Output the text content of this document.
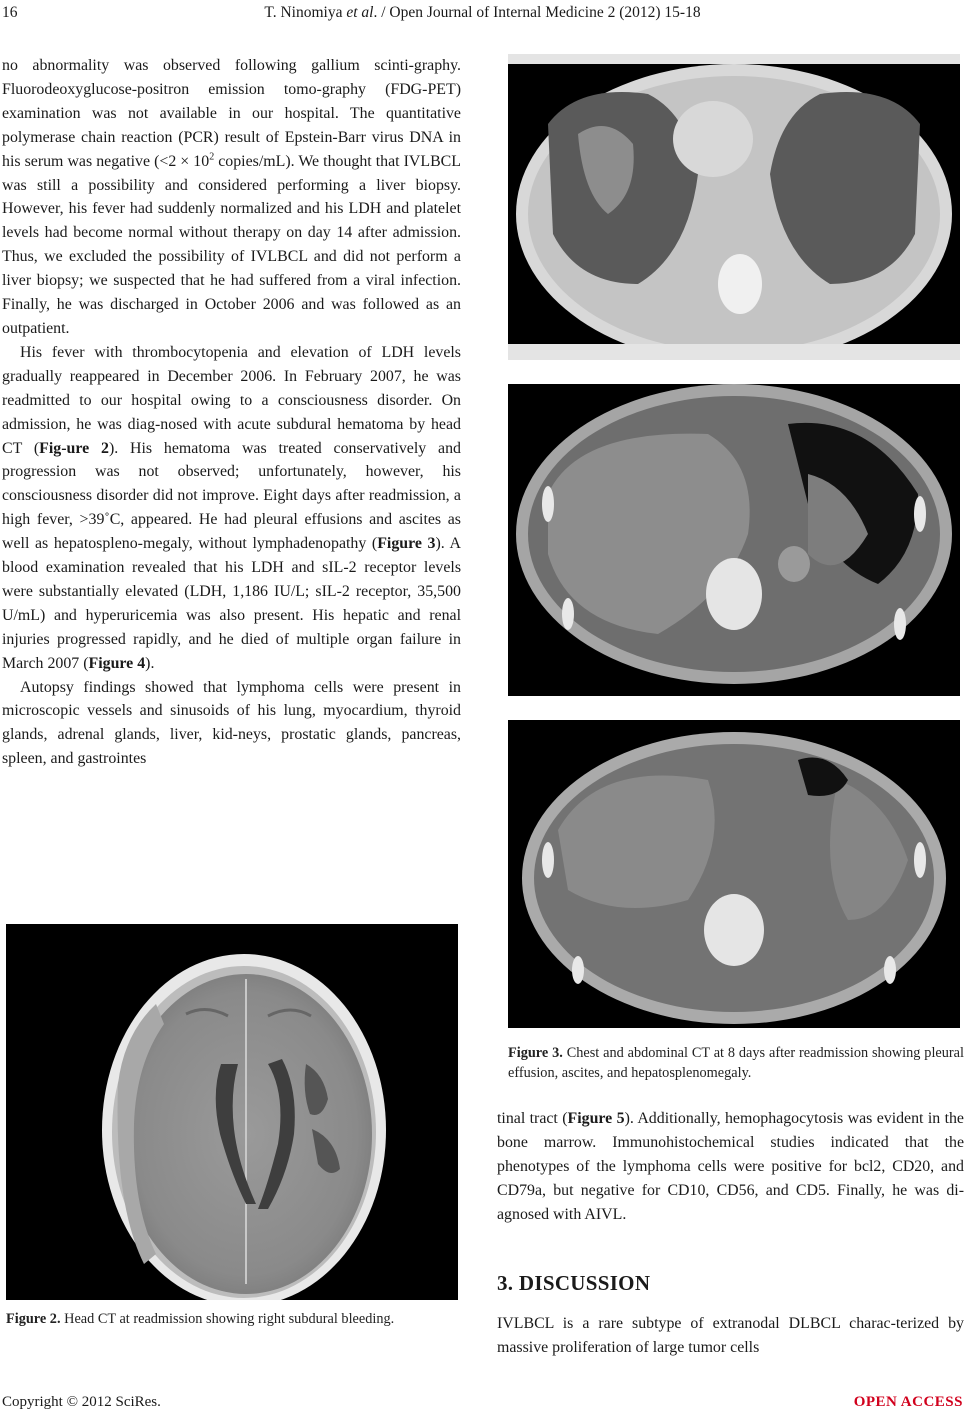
16	T. Ninomiya et al. / Open Journal of Internal Medicine 2 (2012) 15-18

no abnormality was observed following gallium scinti-graphy. Fluorodeoxyglucose-positron emission tomo-graphy (FDG-PET) examination was not available in our hospital. The quantitative polymerase chain reaction (PCR) result of Epstein-Barr virus DNA in his serum was negative ($<2 \times 10^2$ copies/mL). We thought that IVLBCL was still a possibility and considered performing a liver biopsy. However, his fever had suddenly normalized and his LDH and platelet levels had become normal without therapy on day 14 after admission. Thus, we excluded the possibility of IVLBCL and did not perform a liver biopsy; we suspected that he had suffered from a viral infection. Finally, he was discharged in October 2006 and was followed as an outpatient.

His fever with thrombocytopenia and elevation of LDH levels gradually reappeared in December 2006. In February 2007, he was readmitted to our hospital owing to a consciousness disorder. On admission, he was diag-nosed with acute subdural hematoma by head CT (Fig-ure 2). His hematoma was treated conservatively and progression was not observed; unfortunately, however, his consciousness disorder did not improve. Eight days after readmission, a high fever, >39˚C, appeared. He had pleural effusions and ascites as well as hepatospleno-megaly, without lymphadenopathy (Figure 3). A blood examination revealed that his LDH and sIL-2 receptor levels were substantially elevated (LDH, 1,186 IU/L; sIL-2 receptor, 35,500 U/mL) and hyperuricemia was also present. His hepatic and renal injuries progressed rapidly, and he died of multiple organ failure in March 2007 (Figure 4).

Autopsy findings showed that lymphoma cells were present in microscopic vessels and sinusoids of his lung, myocardium, thyroid glands, adrenal glands, liver, kid-neys, prostatic glands, pancreas, spleen, and gastrointes

Figure 2. Head CT at readmission showing right subdural bleeding.
Figure 3. Chest and abdominal CT at 8 days after readmission showing pleural effusion, ascites, and hepatosplenomegaly.

tinal tract (Figure 5). Additionally, hemophagocytosis was evident in the bone marrow. Immunohistochemical studies indicated that the phenotypes of the lymphoma cells were positive for bcl2, CD20, and CD79a, but negative for CD10, CD56, and CD5. Finally, he was di-agnosed with AIVL.

3. DISCUSSION

IVLBCL is a rare subtype of extranodal DLBCL charac-terized by massive proliferation of large tumor cells

Copyright © 2012 SciRes.	OPEN ACCESS
